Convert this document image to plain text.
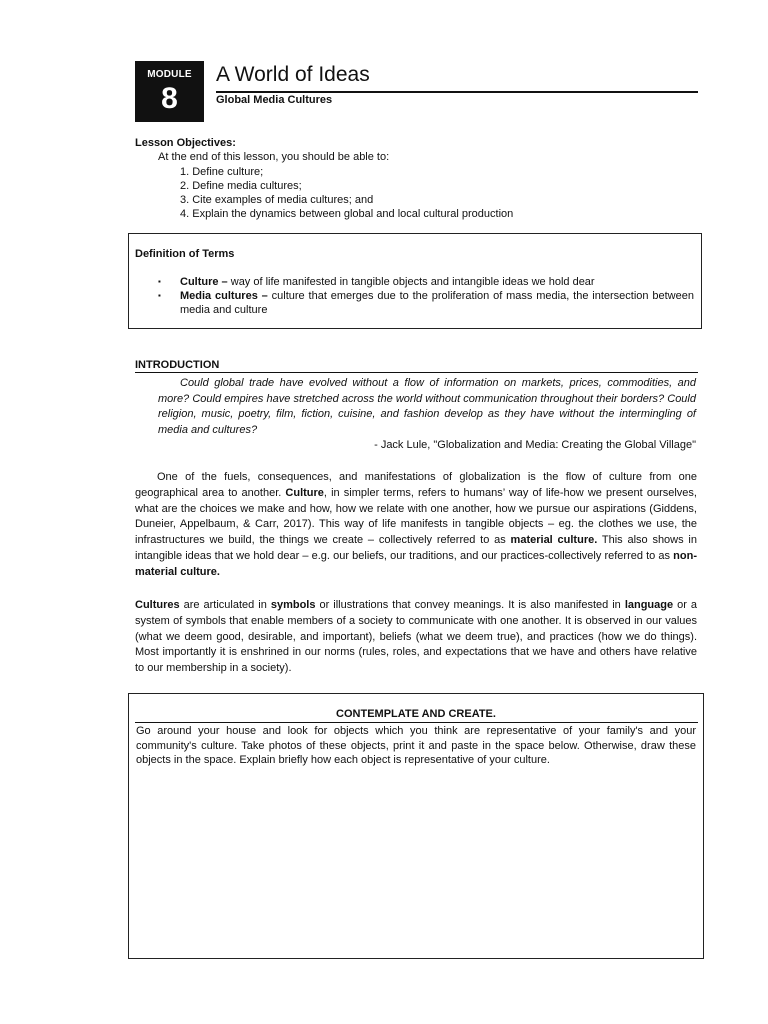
MODULE
8
A World of Ideas
Global Media Cultures
Lesson Objectives:
At the end of this lesson, you should be able to:
1. Define culture;
2. Define media cultures;
3. Cite examples of media cultures; and
4. Explain the dynamics between global and local cultural production
Definition of Terms
▪ Culture – way of life manifested in tangible objects and intangible ideas we hold dear
▪ Media cultures – culture that emerges due to the proliferation of mass media, the intersection between media and culture
INTRODUCTION
Could global trade have evolved without a flow of information on markets, prices, commodities, and more? Could empires have stretched across the world without communication throughout their borders? Could religion, music, poetry, film, fiction, cuisine, and fashion develop as they have without the intermingling of media and cultures?
- Jack Lule, "Globalization and Media: Creating the Global Village"
One of the fuels, consequences, and manifestations of globalization is the flow of culture from one geographical area to another. Culture, in simpler terms, refers to humans’ way of life-how we present ourselves, what are the choices we make and how, how we relate with one another, how we pursue our aspirations (Giddens, Duneier, Appelbaum, & Carr, 2017). This way of life manifests in tangible objects – eg. the clothes we use, the infrastructures we build, the things we create – collectively referred to as material culture. This also shows in intangible ideas that we hold dear – e.g. our beliefs, our traditions, and our practices-collectively referred to as non-material culture.
Cultures are articulated in symbols or illustrations that convey meanings. It is also manifested in language or a system of symbols that enable members of a society to communicate with one another. It is observed in our values (what we deem good, desirable, and important), beliefs (what we deem true), and practices (how we do things). Most importantly it is enshrined in our norms (rules, roles, and expectations that we have and others have relative to our membership in a society).
CONTEMPLATE AND CREATE.
Go around your house and look for objects which you think are representative of your family's and your community's culture. Take photos of these objects, print it and paste in the space below. Otherwise, draw these objects in the space. Explain briefly how each object is representative of your culture.
